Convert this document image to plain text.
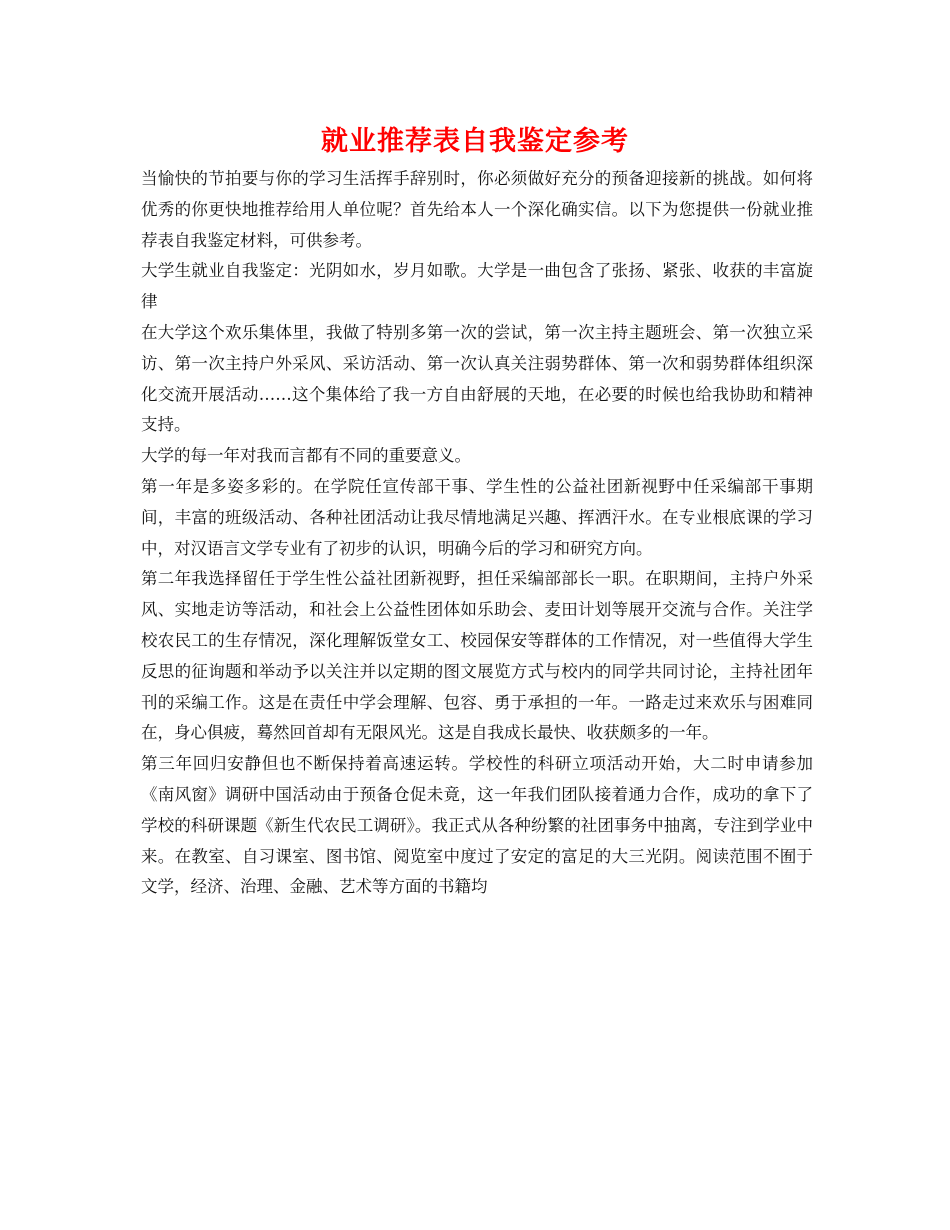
就业推荐表自我鉴定参考

当愉快的节拍要与你的学习生活挥手辞别时，你必须做好充分的预备迎接新的挑战。如何将优秀的你更快地推荐给用人单位呢？首先给本人一个深化确实信。以下为您提供一份就业推荐表自我鉴定材料，可供参考。

大学生就业自我鉴定：光阴如水，岁月如歌。大学是一曲包含了张扬、紧张、收获的丰富旋律

在大学这个欢乐集体里，我做了特别多第一次的尝试，第一次主持主题班会、第一次独立采访、第一次主持户外采风、采访活动、第一次认真关注弱势群体、第一次和弱势群体组织深化交流开展活动……这个集体给了我一方自由舒展的天地，在必要的时候也给我协助和精神支持。

大学的每一年对我而言都有不同的重要意义。

第一年是多姿多彩的。在学院任宣传部干事、学生性的公益社团新视野中任采编部干事期间，丰富的班级活动、各种社团活动让我尽情地满足兴趣、挥洒汗水。在专业根底课的学习中，对汉语言文学专业有了初步的认识，明确今后的学习和研究方向。

第二年我选择留任于学生性公益社团新视野，担任采编部部长一职。在职期间，主持户外采风、实地走访等活动，和社会上公益性团体如乐助会、麦田计划等展开交流与合作。关注学校农民工的生存情况，深化理解饭堂女工、校园保安等群体的工作情况，对一些值得大学生反思的征询题和举动予以关注并以定期的图文展览方式与校内的同学共同讨论，主持社团年刊的采编工作。这是在责任中学会理解、包容、勇于承担的一年。一路走过来欢乐与困难同在，身心俱疲，蓦然回首却有无限风光。这是自我成长最快、收获颇多的一年。

第三年回归安静但也不断保持着高速运转。学校性的科研立项活动开始，大二时申请参加《南风窗》调研中国活动由于预备仓促未竟，这一年我们团队接着通力合作，成功的拿下了学校的科研课题《新生代农民工调研》。我正式从各种纷繁的社团事务中抽离，专注到学业中来。在教室、自习课室、图书馆、阅览室中度过了安定的富足的大三光阴。阅读范围不囿于文学，经济、治理、金融、艺术等方面的书籍均
